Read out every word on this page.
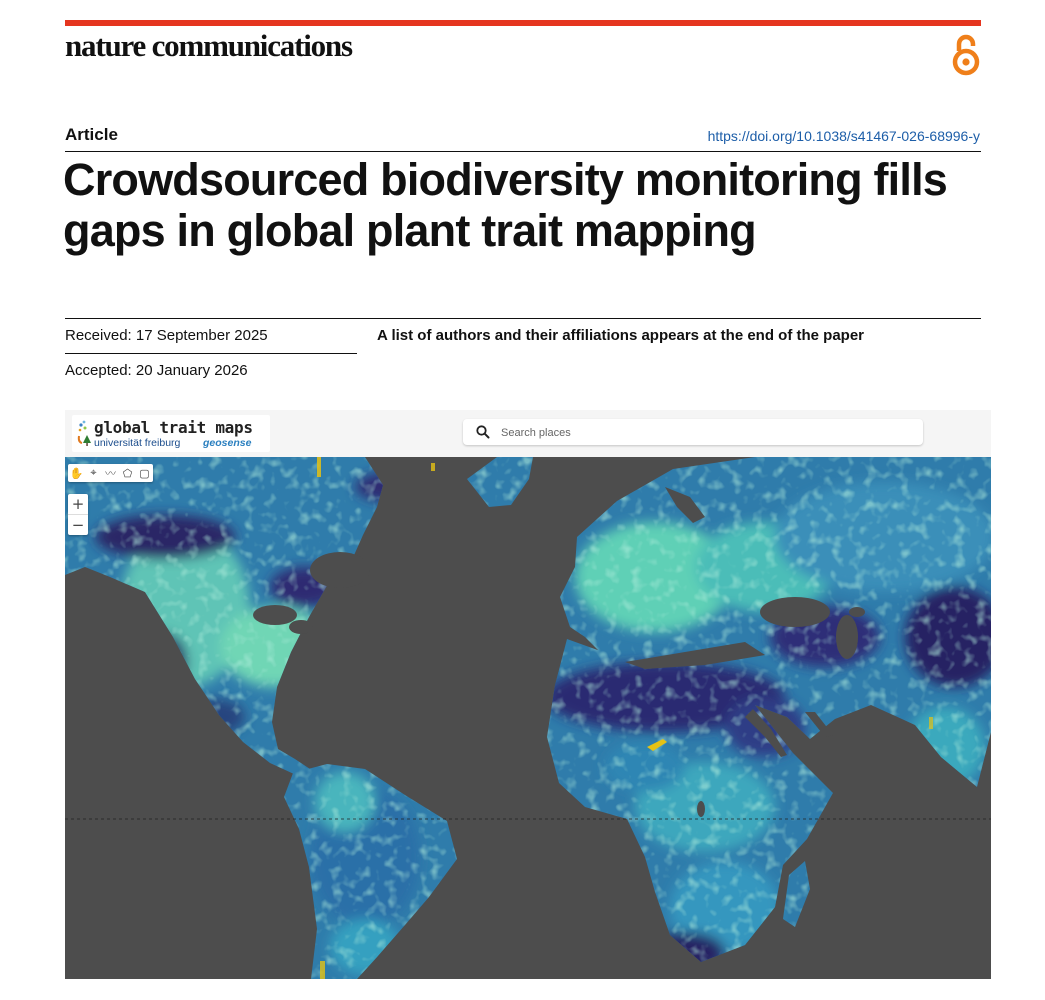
nature communications
Article	https://doi.org/10.1038/s41467-026-68996-y
Crowdsourced biodiversity monitoring fills gaps in global plant trait mapping
Received: 17 September 2025
Accepted: 20 January 2026
A list of authors and their affiliations appears at the end of the paper
global trait maps
universität freiburg geosense
Search places
✋ ⌖ 〰 ⬠ ▢
+
−
